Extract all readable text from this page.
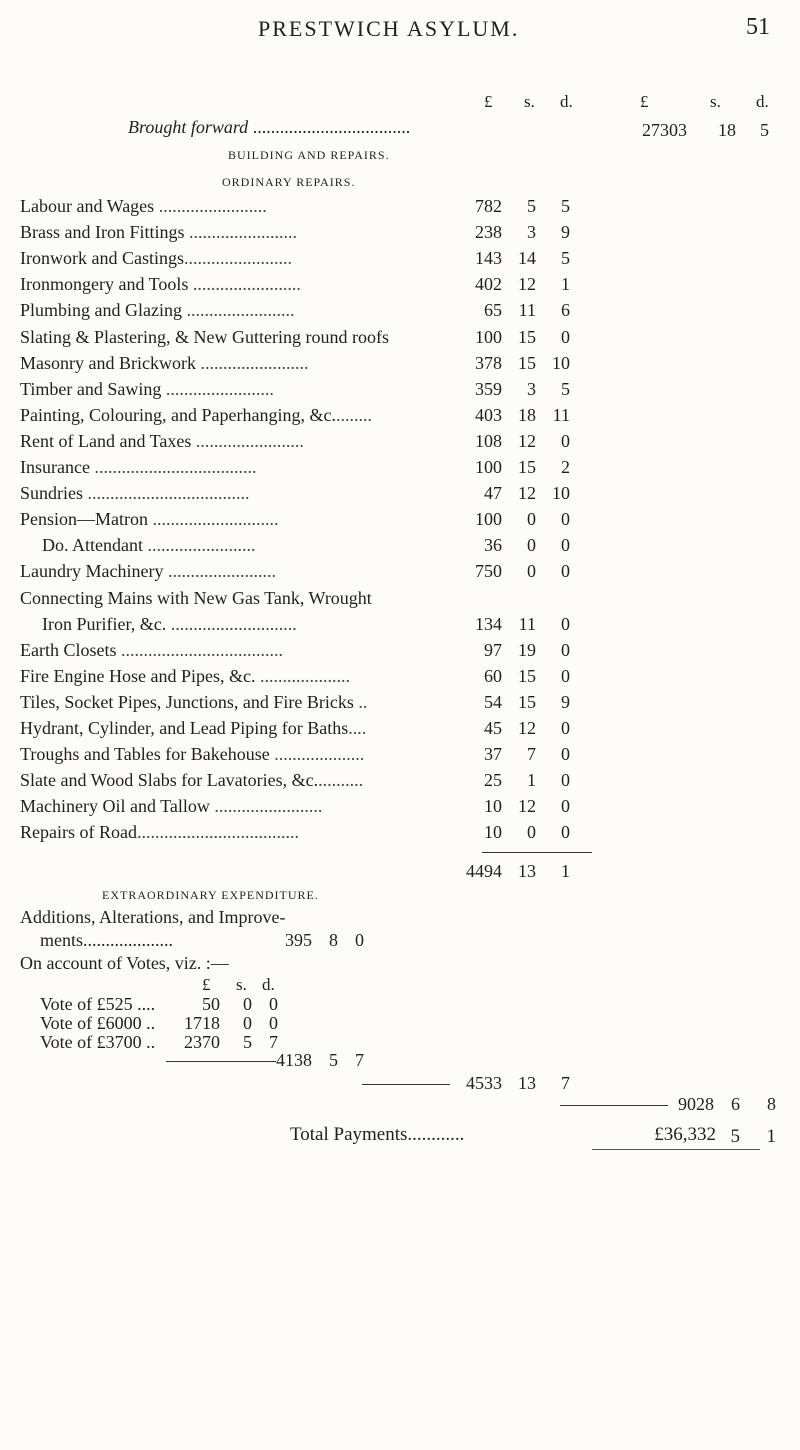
PRESTWICH ASYLUM.	51
£ s. d.	£	s. d.
Brought forward ...................................	27303 18 5
BUILDING AND REPAIRS.
ORDINARY REPAIRS.
Labour and Wages ........................	782	5	5
Brass and Iron Fittings ........................	238	3	9
Ironwork and Castings........................	143 14	5
Ironmongery and Tools ........................	402 12	1
Plumbing and Glazing ........................	65 11	6
Slating & Plastering, & New Guttering round roofs	100 15	0
Masonry and Brickwork ........................	378 15 10
Timber and Sawing ........................	359	3	5
Painting, Colouring, and Paperhanging, &c.........	403 18 11
Rent of Land and Taxes ........................	108 12	0
Insurance ....................................	100 15	2
Sundries ....................................	47 12 10
Pension—Matron ............................	100	0	0
Do. Attendant ........................	36	0	0
Laundry Machinery ........................	750	0	0
Connecting Mains with New Gas Tank, Wrought
Iron Purifier, &c. ............................	134 11	0
Earth Closets ....................................	97 19	0
Fire Engine Hose and Pipes, &c. ....................	60 15	0
Tiles, Socket Pipes, Junctions, and Fire Bricks ..	54 15	9
Hydrant, Cylinder, and Lead Piping for Baths....	45 12	0
Troughs and Tables for Bakehouse ....................	37	7	0
Slate and Wood Slabs for Lavatories, &c...........	25	1	0
Machinery Oil and Tallow ........................	10 12	0
Repairs of Road....................................	10	0	0
4494 13	1
EXTRAORDINARY EXPENDITURE.
Additions, Alterations, and Improve-
ments....................	395 8 0
On account of Votes, viz. :—
£ s. d.
Vote of £525 ....	50	0 0
Vote of £6000 ..	1718	0 0
Vote of £3700 ..	2370	5 7
4138 5 7
4533 13	7
9028 6	8
Total Payments............	£36,332 5	1
